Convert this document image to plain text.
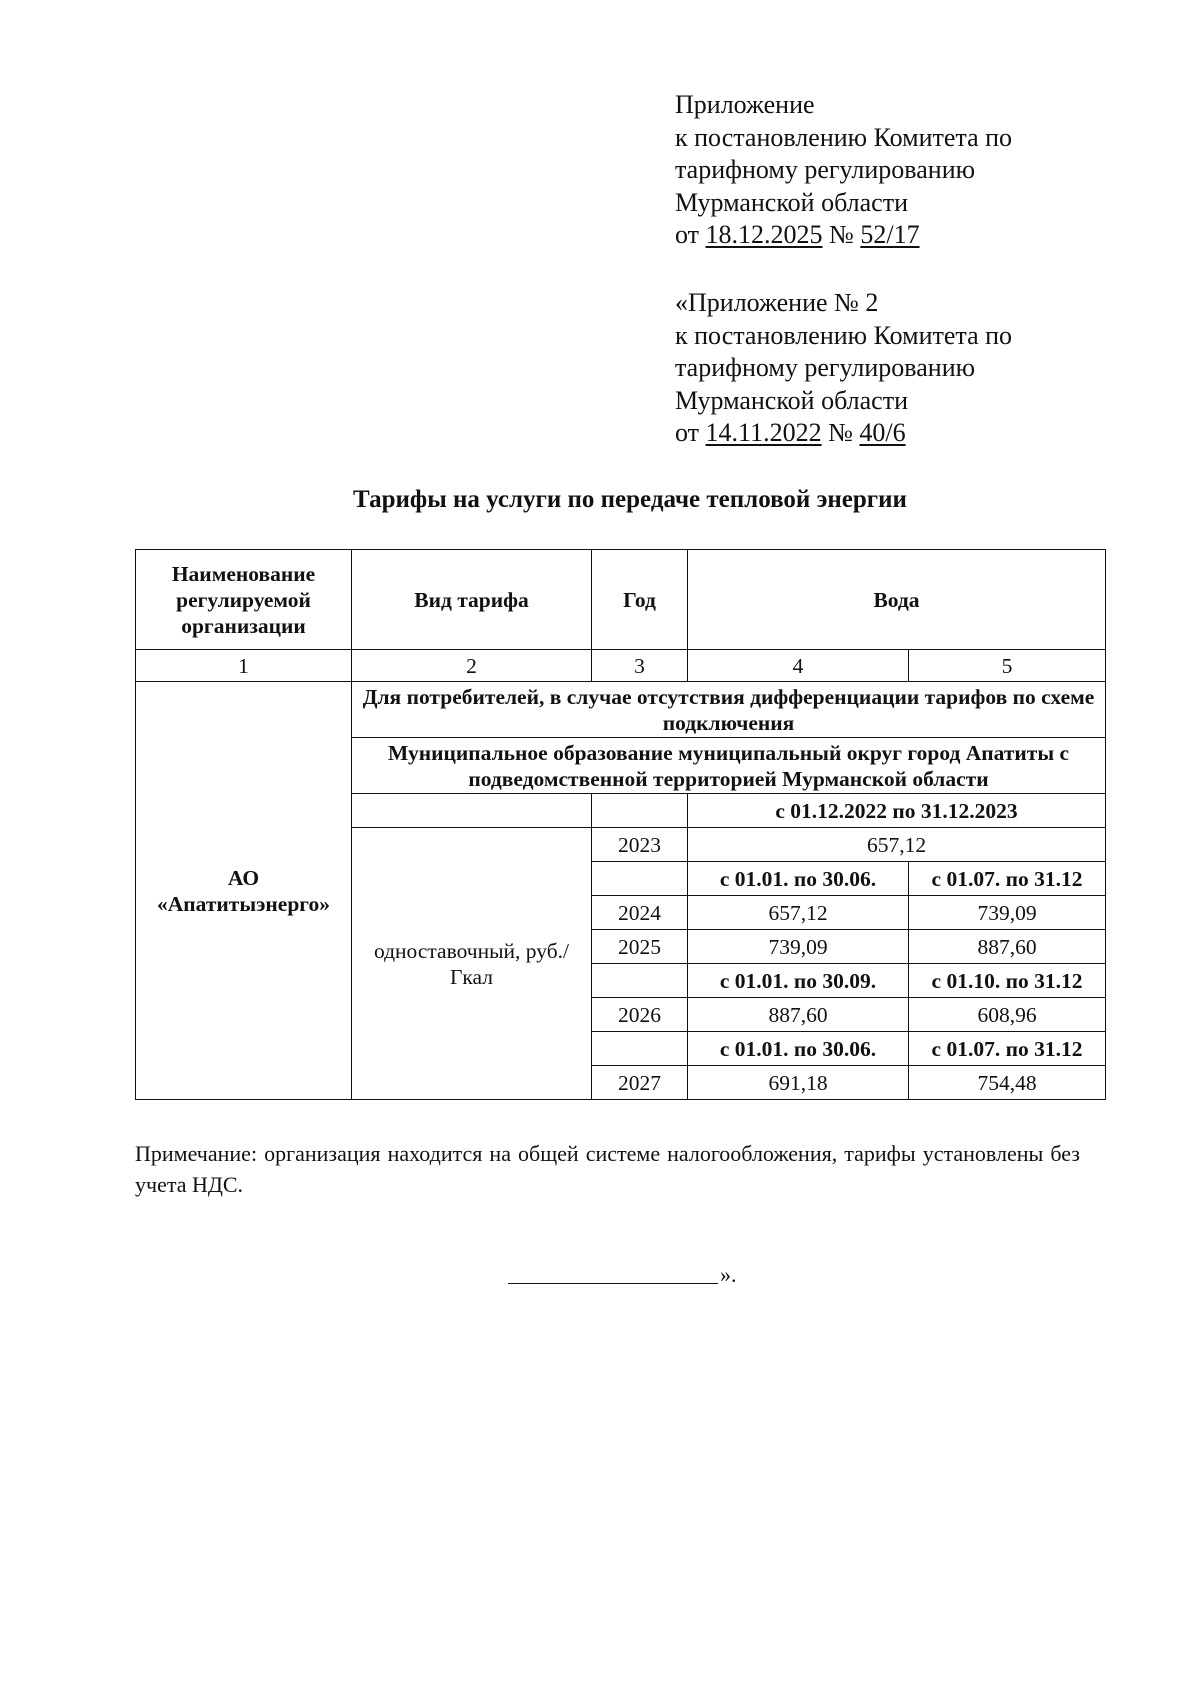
Приложение
к постановлению Комитета по
тарифному регулированию
Мурманской области
от 18.12.2025 № 52/17
«Приложение № 2
к постановлению Комитета по
тарифному регулированию
Мурманской области
от 14.11.2022 № 40/6
Тарифы на услуги по передаче тепловой энергии
Наименование регулируемой организации	Вид тарифа	Год	Вода	
1	2	3	4	5
АО «Апатитыэнерго»	Для потребителей, в случае отсутствия дифференциации тарифов по схеме подключения			
	Муниципальное образование муниципальный округ город Апатиты с подведомственной территорией Мурманской области			
			с 01.12.2022 по 31.12.2023	
	одноставочный, руб./Гкал	2023	657,12	
			с 01.01. по 30.06.	с 01.07. по 31.12
		2024	657,12	739,09
		2025	739,09	887,60
			с 01.01. по 30.09.	с 01.10. по 31.12
		2026	887,60	608,96
			с 01.01. по 30.06.	с 01.07. по 31.12
		2027	691,18	754,48
Примечание: организация находится на общей системе налогообложения, тарифы установлены без учета НДС.
».
